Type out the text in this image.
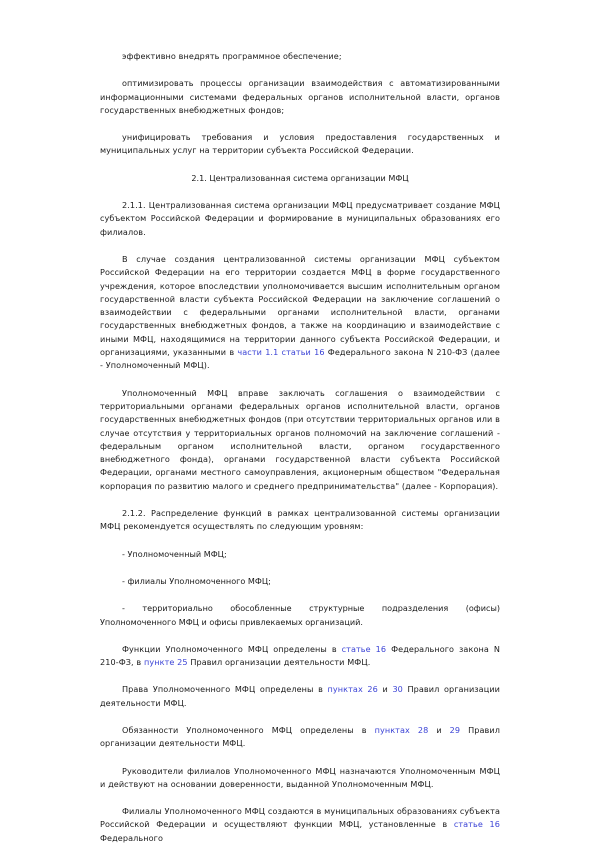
эффективно внедрять программное обеспечение;

оптимизировать процессы организации взаимодействия с автоматизированными информационными системами федеральных органов исполнительной власти, органов государственных внебюджетных фондов;

унифицировать требования и условия предоставления государственных и муниципальных услуг на территории субъекта Российской Федерации.

2.1. Централизованная система организации МФЦ

2.1.1. Централизованная система организации МФЦ предусматривает создание МФЦ субъектом Российской Федерации и формирование в муниципальных образованиях его филиалов.

В случае создания централизованной системы организации МФЦ субъектом Российской Федерации на его территории создается МФЦ в форме государственного учреждения, которое впоследствии уполномочивается высшим исполнительным органом государственной власти субъекта Российской Федерации на заключение соглашений о взаимодействии с федеральными органами исполнительной власти, органами государственных внебюджетных фондов, а также на координацию и взаимодействие с иными МФЦ, находящимися на территории данного субъекта Российской Федерации, и организациями, указанными в части 1.1 статьи 16 Федерального закона N 210-ФЗ (далее - Уполномоченный МФЦ).

Уполномоченный МФЦ вправе заключать соглашения о взаимодействии с территориальными органами федеральных органов исполнительной власти, органов государственных внебюджетных фондов (при отсутствии территориальных органов или в случае отсутствия у территориальных органов полномочий на заключение соглашений - федеральным органом исполнительной власти, органом государственного внебюджетного фонда), органами государственной власти субъекта Российской Федерации, органами местного самоуправления, акционерным обществом "Федеральная корпорация по развитию малого и среднего предпринимательства" (далее - Корпорация).

2.1.2. Распределение функций в рамках централизованной системы организации МФЦ рекомендуется осуществлять по следующим уровням:

- Уполномоченный МФЦ;

- филиалы Уполномоченного МФЦ;

- территориально обособленные структурные подразделения (офисы) Уполномоченного МФЦ и офисы привлекаемых организаций.

Функции Уполномоченного МФЦ определены в статье 16 Федерального закона N 210-ФЗ, в пункте 25 Правил организации деятельности МФЦ.

Права Уполномоченного МФЦ определены в пунктах 26 и 30 Правил организации деятельности МФЦ.

Обязанности Уполномоченного МФЦ определены в пунктах 28 и 29 Правил организации деятельности МФЦ.

Руководители филиалов Уполномоченного МФЦ назначаются Уполномоченным МФЦ и действуют на основании доверенности, выданной Уполномоченным МФЦ.

Филиалы Уполномоченного МФЦ создаются в муниципальных образованиях субъекта Российской Федерации и осуществляют функции МФЦ, установленные в статье 16 Федерального
